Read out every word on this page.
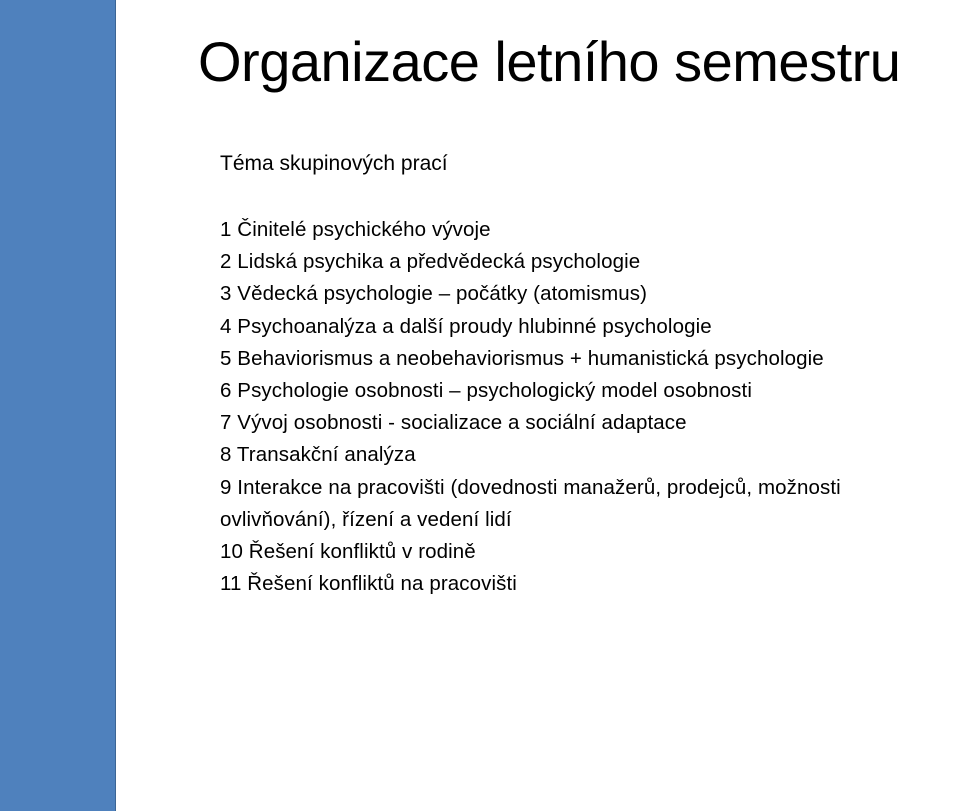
Organizace letního semestru
Téma skupinových prací
1 Činitelé psychického vývoje
2 Lidská psychika a předvědecká psychologie
3 Vědecká psychologie – počátky (atomismus)
4 Psychoanalýza a další proudy hlubinné psychologie
5 Behaviorismus a neobehaviorismus + humanistická psychologie
6 Psychologie osobnosti – psychologický model osobnosti
7 Vývoj osobnosti - socializace a sociální adaptace
8 Transakční analýza
9 Interakce na pracovišti (dovednosti manažerů, prodejců, možnosti
ovlivňování), řízení a vedení lidí
10 Řešení konfliktů v rodině
11 Řešení konfliktů na pracovišti
